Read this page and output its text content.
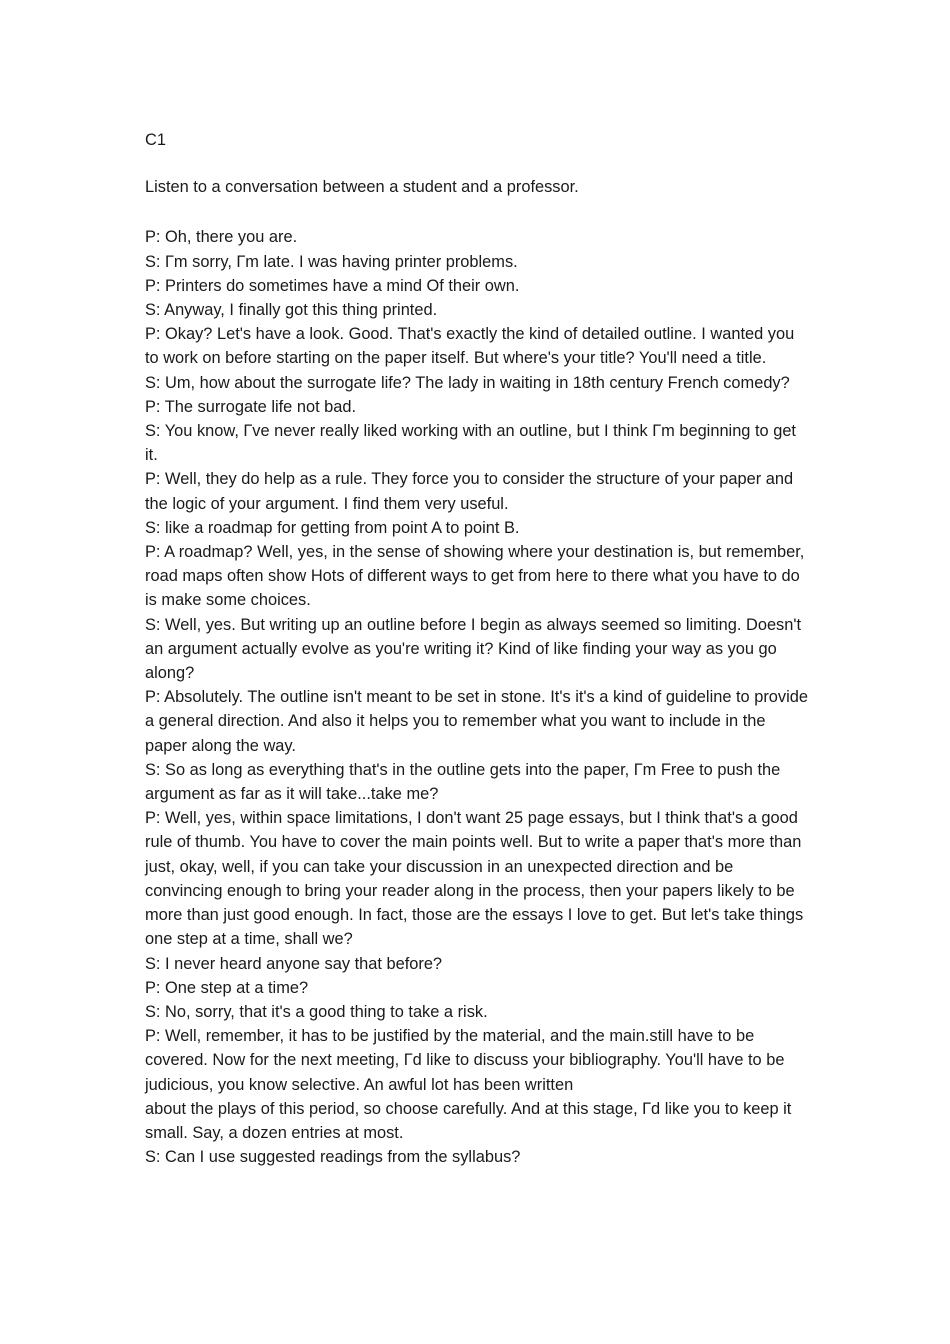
C1

Listen to a conversation between a student and a professor.

P: Oh, there you are.

S: Гm sorry, Гm late. I was having printer problems.

P: Printers do sometimes have a mind Of their own.

S: Anyway, I finally got this thing printed.

P: Okay? Let's have a look. Good. That's exactly the kind of detailed outline. I wanted you to work on before starting on the paper itself. But where's your title? You'll need a title.

S: Um, how about the surrogate life? The lady in waiting in 18th century French comedy?

P: The surrogate life not bad.

S: You know, Гve never really liked working with an outline, but I think Гm beginning to get it.

P: Well, they do help as a rule. They force you to consider the structure of your paper and the logic of your argument. I find them very useful.

S: like a roadmap for getting from point A to point B.

P: A roadmap? Well, yes, in the sense of showing where your destination is, but remember, road maps often show Hots of different ways to get from here to there what you have to do is make some choices.

S: Well, yes. But writing up an outline before I begin as always seemed so limiting. Doesn't an argument actually evolve as you're writing it? Kind of like finding your way as you go along?

P: Absolutely. The outline isn't meant to be set in stone. It's it's a kind of guideline to provide a general direction. And also it helps you to remember what you want to include in the paper along the way.

S: So as long as everything that's in the outline gets into the paper, Гm Free to push the argument as far as it will take...take me?

P: Well, yes, within space limitations, I don't want 25 page essays, but I think that's a good rule of thumb. You have to cover the main points well. But to write a paper that's more than just, okay, well, if you can take your discussion in an unexpected direction and be convincing enough to bring your reader along in the process, then your papers likely to be more than just good enough. In fact, those are the essays I love to get. But let's take things one step at a time, shall we?

S: I never heard anyone say that before?

P: One step at a time?

S: No, sorry, that it's a good thing to take a risk.

P: Well, remember, it has to be justified by the material, and the main.still have to be covered. Now for the next meeting, Гd like to discuss your bibliography. You'll have to be judicious, you know selective. An awful lot has been written

about the plays of this period, so choose carefully. And at this stage, Гd like you to keep it small. Say, a dozen entries at most.

S: Can I use suggested readings from the syllabus?
